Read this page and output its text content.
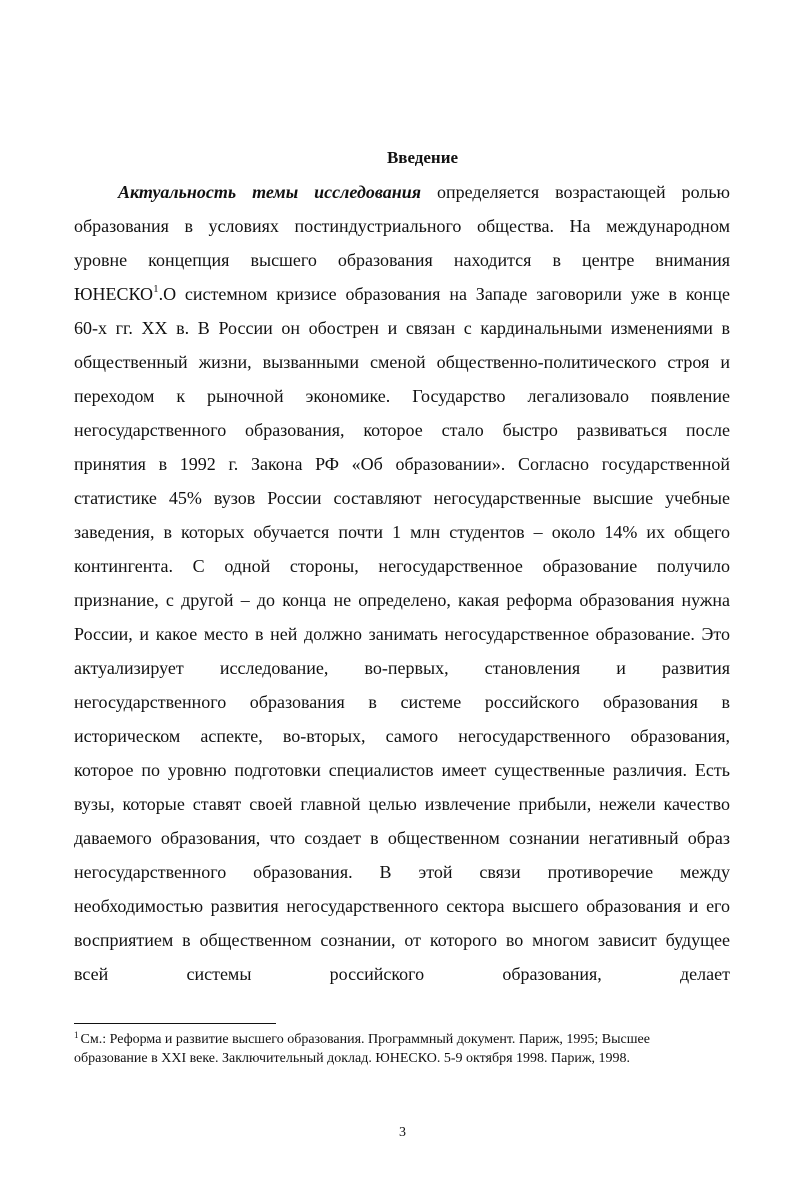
Введение
Актуальность темы исследования определяется возрастающей ролью
образования в условиях постиндустриального общества. На международном
уровне концепция высшего образования находится в центре внимания
ЮНЕСКО$^1$.О системном кризисе образования на Западе заговорили уже в конце
60-х гг. XX в. В России он обострен и связан с кардинальными изменениями в
общественный жизни, вызванными сменой общественно-политического строя и
переходом к рыночной экономике. Государство легализовало появление
негосударственного образования, которое стало быстро развиваться после
принятия в 1992 г. Закона РФ «Об образовании». Согласно государственной
статистике 45% вузов России составляют негосударственные высшие учебные
заведения, в которых обучается почти 1 млн студентов – около 14% их общего
контингента. С одной стороны, негосударственное образование получило
признание, с другой – до конца не определено, какая реформа образования нужна
России, и какое место в ней должно занимать негосударственное образование. Это
актуализирует исследование, во-первых, становления и развития
негосударственного образования в системе российского образования в
историческом аспекте, во-вторых, самого негосударственного образования,
которое по уровню подготовки специалистов имеет существенные различия. Есть
вузы, которые ставят своей главной целью извлечение прибыли, нежели качество
даваемого образования, что создает в общественном сознании негативный образ
негосударственного образования. В этой связи противоречие между
необходимостью развития негосударственного сектора высшего образования и его
восприятием в общественном сознании, от которого во многом зависит будущее
всей системы российского образования, делает
$^1$ См.: Реформа и развитие высшего образования. Программный документ. Париж, 1995; Высшее
образование в XXI веке. Заключительный доклад. ЮНЕСКО. 5-9 октября 1998. Париж, 1998.
3
